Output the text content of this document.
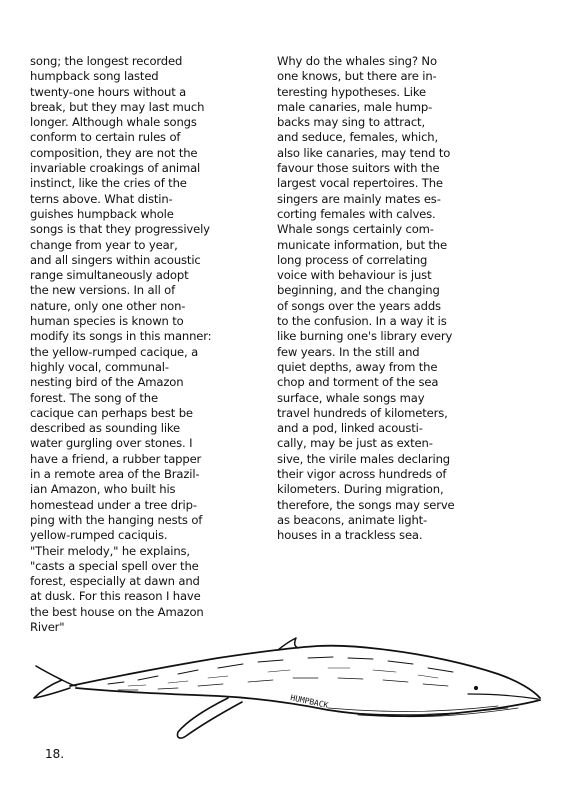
song; the longest recorded
humpback song lasted
twenty-one hours without a
break, but they may last much
longer. Although whale songs
conform to certain rules of
composition, they are not the
invariable croakings of animal
instinct, like the cries of the
terns above. What distin-
guishes humpback whole
songs is that they progressively
change from year to year,
and all singers within acoustic
range simultaneously adopt
the new versions. In all of
nature, only one other non-
human species is known to
modify its songs in this manner:
the yellow-rumped cacique, a
highly vocal, communal-
nesting bird of the Amazon
forest. The song of the
cacique can perhaps best be
described as sounding like
water gurgling over stones. I
have a friend, a rubber tapper
in a remote area of the Brazil-
ian Amazon, who built his
homestead under a tree drip-
ping with the hanging nests of
yellow-rumped caciquis.
"Their melody," he explains,
"casts a special spell over the
forest, especially at dawn and
at dusk. For this reason I have
the best house on the Amazon
River"
Why do the whales sing? No
one knows, but there are in-
teresting hypotheses. Like
male canaries, male hump-
backs may sing to attract,
and seduce, females, which,
also like canaries, may tend to
favour those suitors with the
largest vocal repertoires. The
singers are mainly mates es-
corting females with calves.
Whale songs certainly com-
municate information, but the
long process of correlating
voice with behaviour is just
beginning, and the changing
of songs over the years adds
to the confusion. In a way it is
like burning one's library every
few years. In the still and
quiet depths, away from the
chop and torment of the sea
surface, whale songs may
travel hundreds of kilometers,
and a pod, linked acousti-
cally, may be just as exten-
sive, the virile males declaring
their vigor across hundreds of
kilometers. During migration,
therefore, the songs may serve
as beacons, animate light-
houses in a trackless sea.
HUMPBACK
18.
